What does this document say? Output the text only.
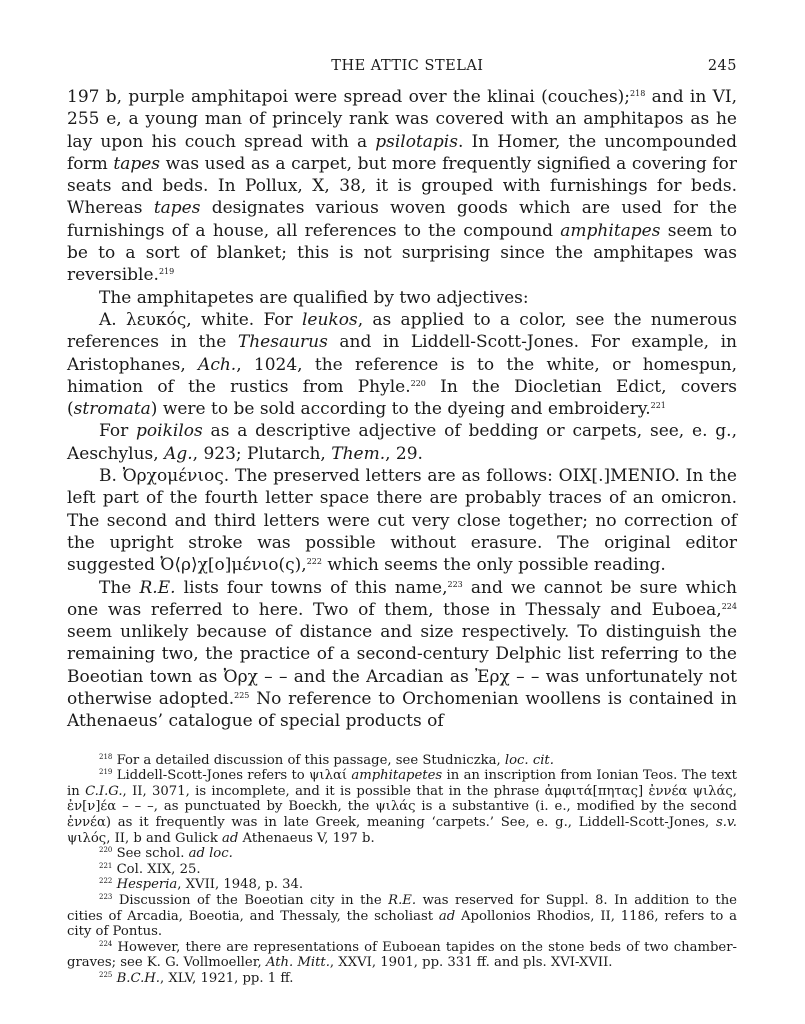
THE ATTIC STELAI	245

197 b, purple amphitapoi were spread over the klinai (couches);$^{218}$ and in VI, 255 e, a young man of princely rank was covered with an amphitapos as he lay upon his couch spread with a psilotapis. In Homer, the uncompounded form tapes was used as a carpet, but more frequently signified a covering for seats and beds. In Pollux, X, 38, it is grouped with furnishings for beds. Whereas tapes designates various woven goods which are used for the furnishings of a house, all references to the compound amphitapes seem to be to a sort of blanket; this is not surprising since the amphitapes was reversible.$^{219}$

The amphitapetes are qualified by two adjectives:

A. λευκός, white. For leukos, as applied to a color, see the numerous references in the Thesaurus and in Liddell-Scott-Jones. For example, in Aristophanes, Ach., 1024, the reference is to the white, or homespun, himation of the rustics from Phyle.$^{220}$ In the Diocletian Edict, covers (stromata) were to be sold according to the dyeing and embroidery.$^{221}$

For poikilos as a descriptive adjective of bedding or carpets, see, e. g., Aeschylus, Ag., 923; Plutarch, Them., 29.

B. Ὀρχομένιος. The preserved letters are as follows: OIX[.]MENIO. In the left part of the fourth letter space there are probably traces of an omicron. The second and third letters were cut very close together; no correction of the upright stroke was possible without erasure. The original editor suggested Ὀ⟨ρ⟩χ[ο]μένιο(ς),$^{222}$ which seems the only possible reading.

The R.E. lists four towns of this name,$^{223}$ and we cannot be sure which one was referred to here. Two of them, those in Thessaly and Euboea,$^{224}$ seem unlikely because of distance and size respectively. To distinguish the remaining two, the practice of a second-century Delphic list referring to the Boeotian town as Ὀρχ – – and the Arcadian as Ἐρχ – – was unfortunately not otherwise adopted.$^{225}$ No reference to Orchomenian woollens is contained in Athenaeus’ catalogue of special products of

$^{218}$ For a detailed discussion of this passage, see Studniczka, loc. cit.

$^{219}$ Liddell-Scott-Jones refers to ψιλαί amphitapetes in an inscription from Ionian Teos. The text in C.I.G., II, 3071, is incomplete, and it is possible that in the phrase ἀμφιτά[πητας] ἐννέα ψιλάς, ἐν[ν]έα – – –, as punctuated by Boeckh, the ψιλάς is a substantive (i. e., modified by the second ἐννέα) as it frequently was in late Greek, meaning ‘carpets.’ See, e. g., Liddell-Scott-Jones, s.v. ψιλός, II, b and Gulick ad Athenaeus V, 197 b.

$^{220}$ See schol. ad loc.

$^{221}$ Col. XIX, 25.

$^{222}$ Hesperia, XVII, 1948, p. 34.

$^{223}$ Discussion of the Boeotian city in the R.E. was reserved for Suppl. 8. In addition to the cities of Arcadia, Boeotia, and Thessaly, the scholiast ad Apollonios Rhodios, II, 1186, refers to a city of Pontus.

$^{224}$ However, there are representations of Euboean tapides on the stone beds of two chamber-graves; see K. G. Vollmoeller, Ath. Mitt., XXVI, 1901, pp. 331 ff. and pls. XVI-XVII.

$^{225}$ B.C.H., XLV, 1921, pp. 1 ff.
